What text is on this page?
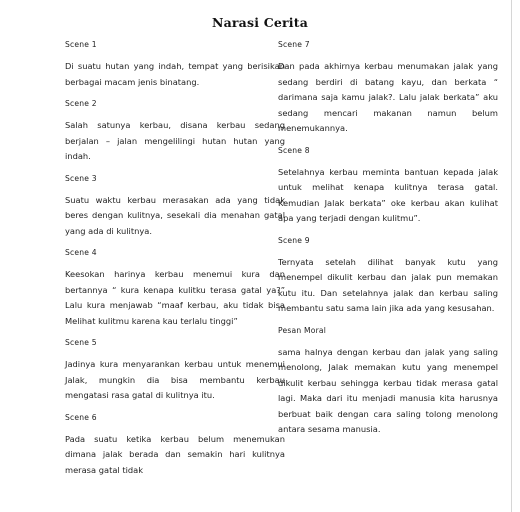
Narasi Cerita
Scene 1

Di suatu hutan yang indah, tempat yang berisikan berbagai macam jenis binatang.

Scene 2

Salah satunya kerbau, disana kerbau sedang berjalan – jalan mengelilingi hutan hutan yang indah.

Scene 3

Suatu waktu kerbau merasakan ada yang tidak beres dengan kulitnya, sesekali dia menahan gatal yang ada di kulitnya.

Scene 4

Keesokan harinya kerbau menemui kura dan bertannya “ kura kenapa kulitku terasa gatal ya?” Lalu kura menjawab “maaf kerbau, aku tidak bisa Melihat kulitmu karena kau terlalu tinggi”

Scene 5

Jadinya kura menyarankan kerbau untuk menemui Jalak, mungkin dia bisa membantu kerbau mengatasi rasa gatal di kulitnya itu.

Scene 6

Pada suatu ketika kerbau belum menemukan dimana jalak berada dan semakin hari kulitnya merasa gatal tidak

Scene 7

Dan pada akhirnya kerbau menumakan jalak yang sedang berdiri di batang kayu, dan berkata “ darimana saja kamu jalak?. Lalu jalak berkata” aku sedang mencari makanan namun belum menemukannya.

Scene 8

Setelahnya kerbau meminta bantuan kepada jalak untuk melihat kenapa kulitnya terasa gatal. Kemudian Jalak berkata” oke kerbau akan kulihat apa yang terjadi dengan kulitmu”.

Scene 9

Ternyata setelah dilihat banyak kutu yang menempel dikulit kerbau dan jalak pun memakan kutu itu. Dan setelahnya jalak dan kerbau saling membantu satu sama lain jika ada yang kesusahan.

Pesan Moral

sama halnya dengan kerbau dan jalak yang saling menolong, Jalak memakan kutu yang menempel dikulit kerbau sehingga kerbau tidak merasa gatal lagi. Maka dari itu menjadi manusia kita harusnya berbuat baik dengan cara saling tolong menolong antara sesama manusia.
